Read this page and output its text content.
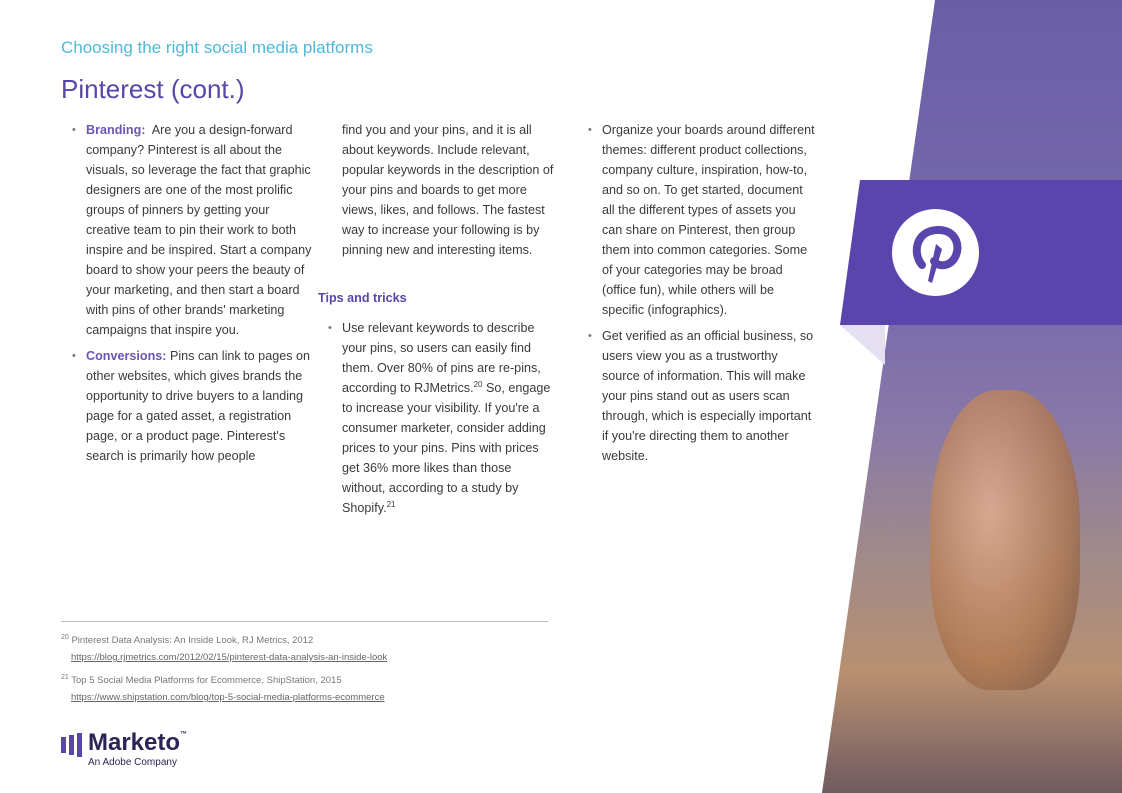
Choosing the right social media platforms
Pinterest (cont.)
• Branding: Are you a design-forward company? Pinterest is all about the visuals, so leverage the fact that graphic designers are one of the most prolific groups of pinners by getting your creative team to pin their work to both inspire and be inspired. Start a company board to show your peers the beauty of your marketing, and then start a board with pins of other brands' marketing campaigns that inspire you.
• Conversions: Pins can link to pages on other websites, which gives brands the opportunity to drive buyers to a landing page for a gated asset, a registration page, or a product page. Pinterest's search is primarily how people
find you and your pins, and it is all about keywords. Include relevant, popular keywords in the description of your pins and boards to get more views, likes, and follows. The fastest way to increase your following is by pinning new and interesting items.
Tips and tricks
• Use relevant keywords to describe your pins, so users can easily find them. Over 80% of pins are re-pins, according to RJMetrics.$^{20}$ So, engage to increase your visibility. If you're a consumer marketer, consider adding prices to your pins. Pins with prices get 36% more likes than those without, according to a study by Shopify.$^{21}$
• Organize your boards around different themes: different product collections, company culture, inspiration, how-to, and so on. To get started, document all the different types of assets you can share on Pinterest, then group them into common categories. Some of your categories may be broad (office fun), while others will be specific (infographics).
• Get verified as an official business, so users view you as a trustworthy source of information. This will make your pins stand out as users scan through, which is especially important if you're directing them to another website.
$^{20}$ Pinterest Data Analysis: An Inside Look, RJ Metrics, 2012
https://blog.rjmetrics.com/2012/02/15/pinterest-data-analysis-an-inside-look
$^{21}$ Top 5 Social Media Platforms for Ecommerce, ShipStation, 2015
https://www.shipstation.com/blog/top-5-social-media-platforms-ecommerce
Marketo™
An Adobe Company
